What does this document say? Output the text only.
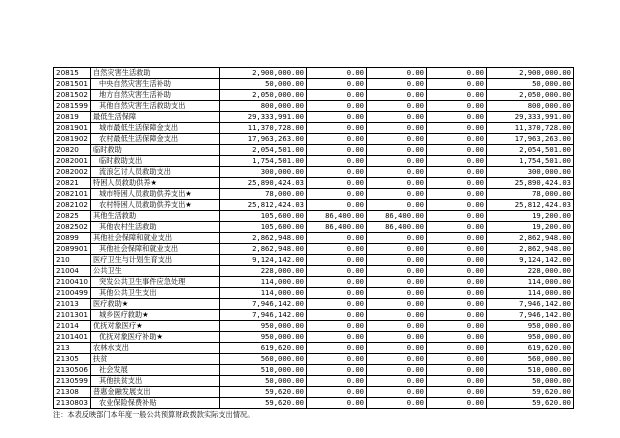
20815	自然灾害生活救助	2,900,000.00	0.00	0.00	0.00	2,900,000.00
2081501	中央自然灾害生活补助	50,000.00	0.00	0.00	0.00	50,000.00
2081502	地方自然灾害生活补助	2,050,000.00	0.00	0.00	0.00	2,050,000.00
2081599	其他自然灾害生活救助支出	800,000.00	0.00	0.00	0.00	800,000.00
20819	最低生活保障	29,333,991.00	0.00	0.00	0.00	29,333,991.00
2081901	城市最低生活保障金支出	11,370,728.00	0.00	0.00	0.00	11,370,728.00
2081902	农村最低生活保障金支出	17,963,263.00	0.00	0.00	0.00	17,963,263.00
20820	临时救助	2,054,501.00	0.00	0.00	0.00	2,054,501.00
2082001	临时救助支出	1,754,501.00	0.00	0.00	0.00	1,754,501.00
2082002	流浪乞讨人员救助支出	300,000.00	0.00	0.00	0.00	300,000.00
20821	特困人员救助供养★	25,890,424.03	0.00	0.00	0.00	25,890,424.03
2082101	城市特困人员救助供养支出★	78,000.00	0.00	0.00	0.00	78,000.00
2082102	农村特困人员救助供养支出★	25,812,424.03	0.00	0.00	0.00	25,812,424.03
20825	其他生活救助	105,600.00	86,400.00	86,400.00	0.00	19,200.00
2082502	其他农村生活救助	105,600.00	86,400.00	86,400.00	0.00	19,200.00
20899	其他社会保障和就业支出	2,862,948.00	0.00	0.00	0.00	2,862,948.00
2089901	其他社会保障和就业支出	2,862,948.00	0.00	0.00	0.00	2,862,948.00
210	医疗卫生与计划生育支出	9,124,142.00	0.00	0.00	0.00	9,124,142.00
21004	公共卫生	228,000.00	0.00	0.00	0.00	228,000.00
2100410	突发公共卫生事件应急处理	114,000.00	0.00	0.00	0.00	114,000.00
2100499	其他公共卫生支出	114,000.00	0.00	0.00	0.00	114,000.00
21013	医疗救助★	7,946,142.00	0.00	0.00	0.00	7,946,142.00
2101301	城乡医疗救助★	7,946,142.00	0.00	0.00	0.00	7,946,142.00
21014	优抚对象医疗★	950,000.00	0.00	0.00	0.00	950,000.00
2101401	优抚对象医疗补助★	950,000.00	0.00	0.00	0.00	950,000.00
213	农林水支出	619,620.00	0.00	0.00	0.00	619,620.00
21305	扶贫	560,000.00	0.00	0.00	0.00	560,000.00
2130506	社会发展	510,000.00	0.00	0.00	0.00	510,000.00
2130599	其他扶贫支出	50,000.00	0.00	0.00	0.00	50,000.00
21308	普惠金融发展支出	59,620.00	0.00	0.00	0.00	59,620.00
2130803	农业保险保费补贴	59,620.00	0.00	0.00	0.00	59,620.00
注：本表反映部门本年度一般公共预算财政拨款实际支出情况。
